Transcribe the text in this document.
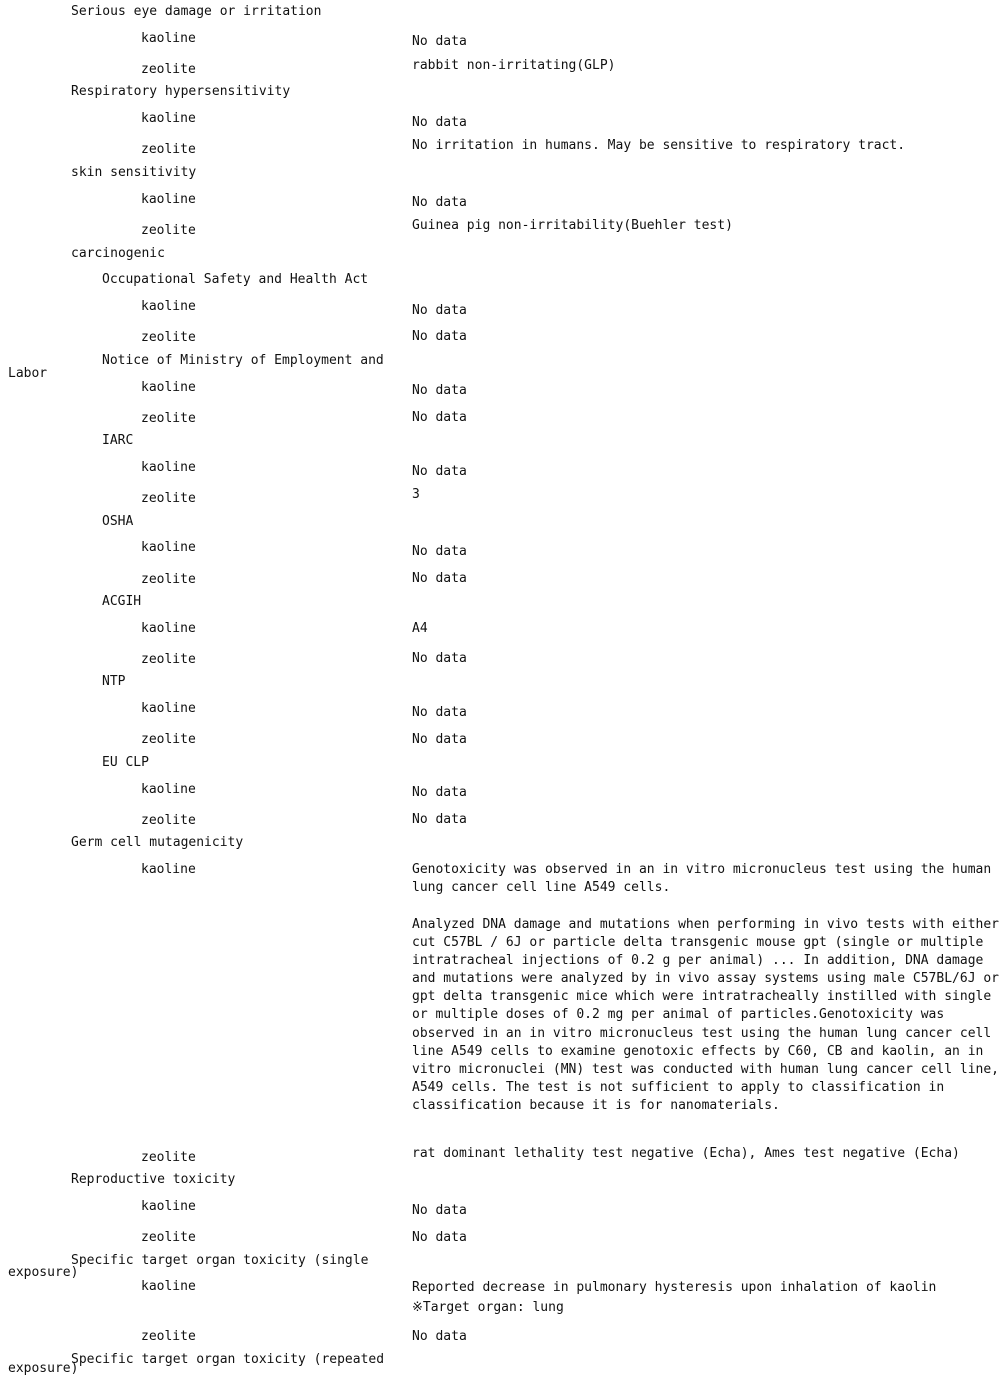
Serious eye damage or irritation
kaoline	No data
zeolite	rabbit non-irritating(GLP)
Respiratory hypersensitivity
kaoline	No data
zeolite	No irritation in humans. May be sensitive to respiratory tract.
skin sensitivity
kaoline	No data
zeolite	Guinea pig non-irritability(Buehler test)
carcinogenic
Occupational Safety and Health Act
kaoline	No data
zeolite	No data
Notice of Ministry of Employment and
Labor
kaoline	No data
zeolite	No data
IARC
kaoline	No data
zeolite	3
OSHA
kaoline	No data
zeolite	No data
ACGIH
kaoline	A4
zeolite	No data
NTP
kaoline	No data
zeolite	No data
EU CLP
kaoline	No data
zeolite	No data
Germ cell mutagenicity
kaoline	Genotoxicity was observed in an in vitro micronucleus test using the human lung cancer cell line A549 cells.
Analyzed DNA damage and mutations when performing in vivo tests with either cut C57BL / 6J or particle delta transgenic mouse gpt (single or multiple intratracheal injections of 0.2 g per animal) ... In addition, DNA damage and mutations were analyzed by in vivo assay systems using male C57BL/6J or gpt delta transgenic mice which were intratracheally instilled with single or multiple doses of 0.2 mg per animal of particles.Genotoxicity was observed in an in vitro micronucleus test using the human lung cancer cell line A549 cells to examine genotoxic effects by C60, CB and kaolin, an in vitro micronuclei (MN) test was conducted with human lung cancer cell line, A549 cells. The test is not sufficient to apply to classification in classification because it is for nanomaterials.
zeolite	rat dominant lethality test negative (Echa), Ames test negative (Echa)
Reproductive toxicity
kaoline	No data
zeolite	No data
Specific target organ toxicity (single
exposure)
kaoline	Reported decrease in pulmonary hysteresis upon inhalation of kaolin
※Target organ: lung
zeolite	No data
Specific target organ toxicity (repeated
exposure)
